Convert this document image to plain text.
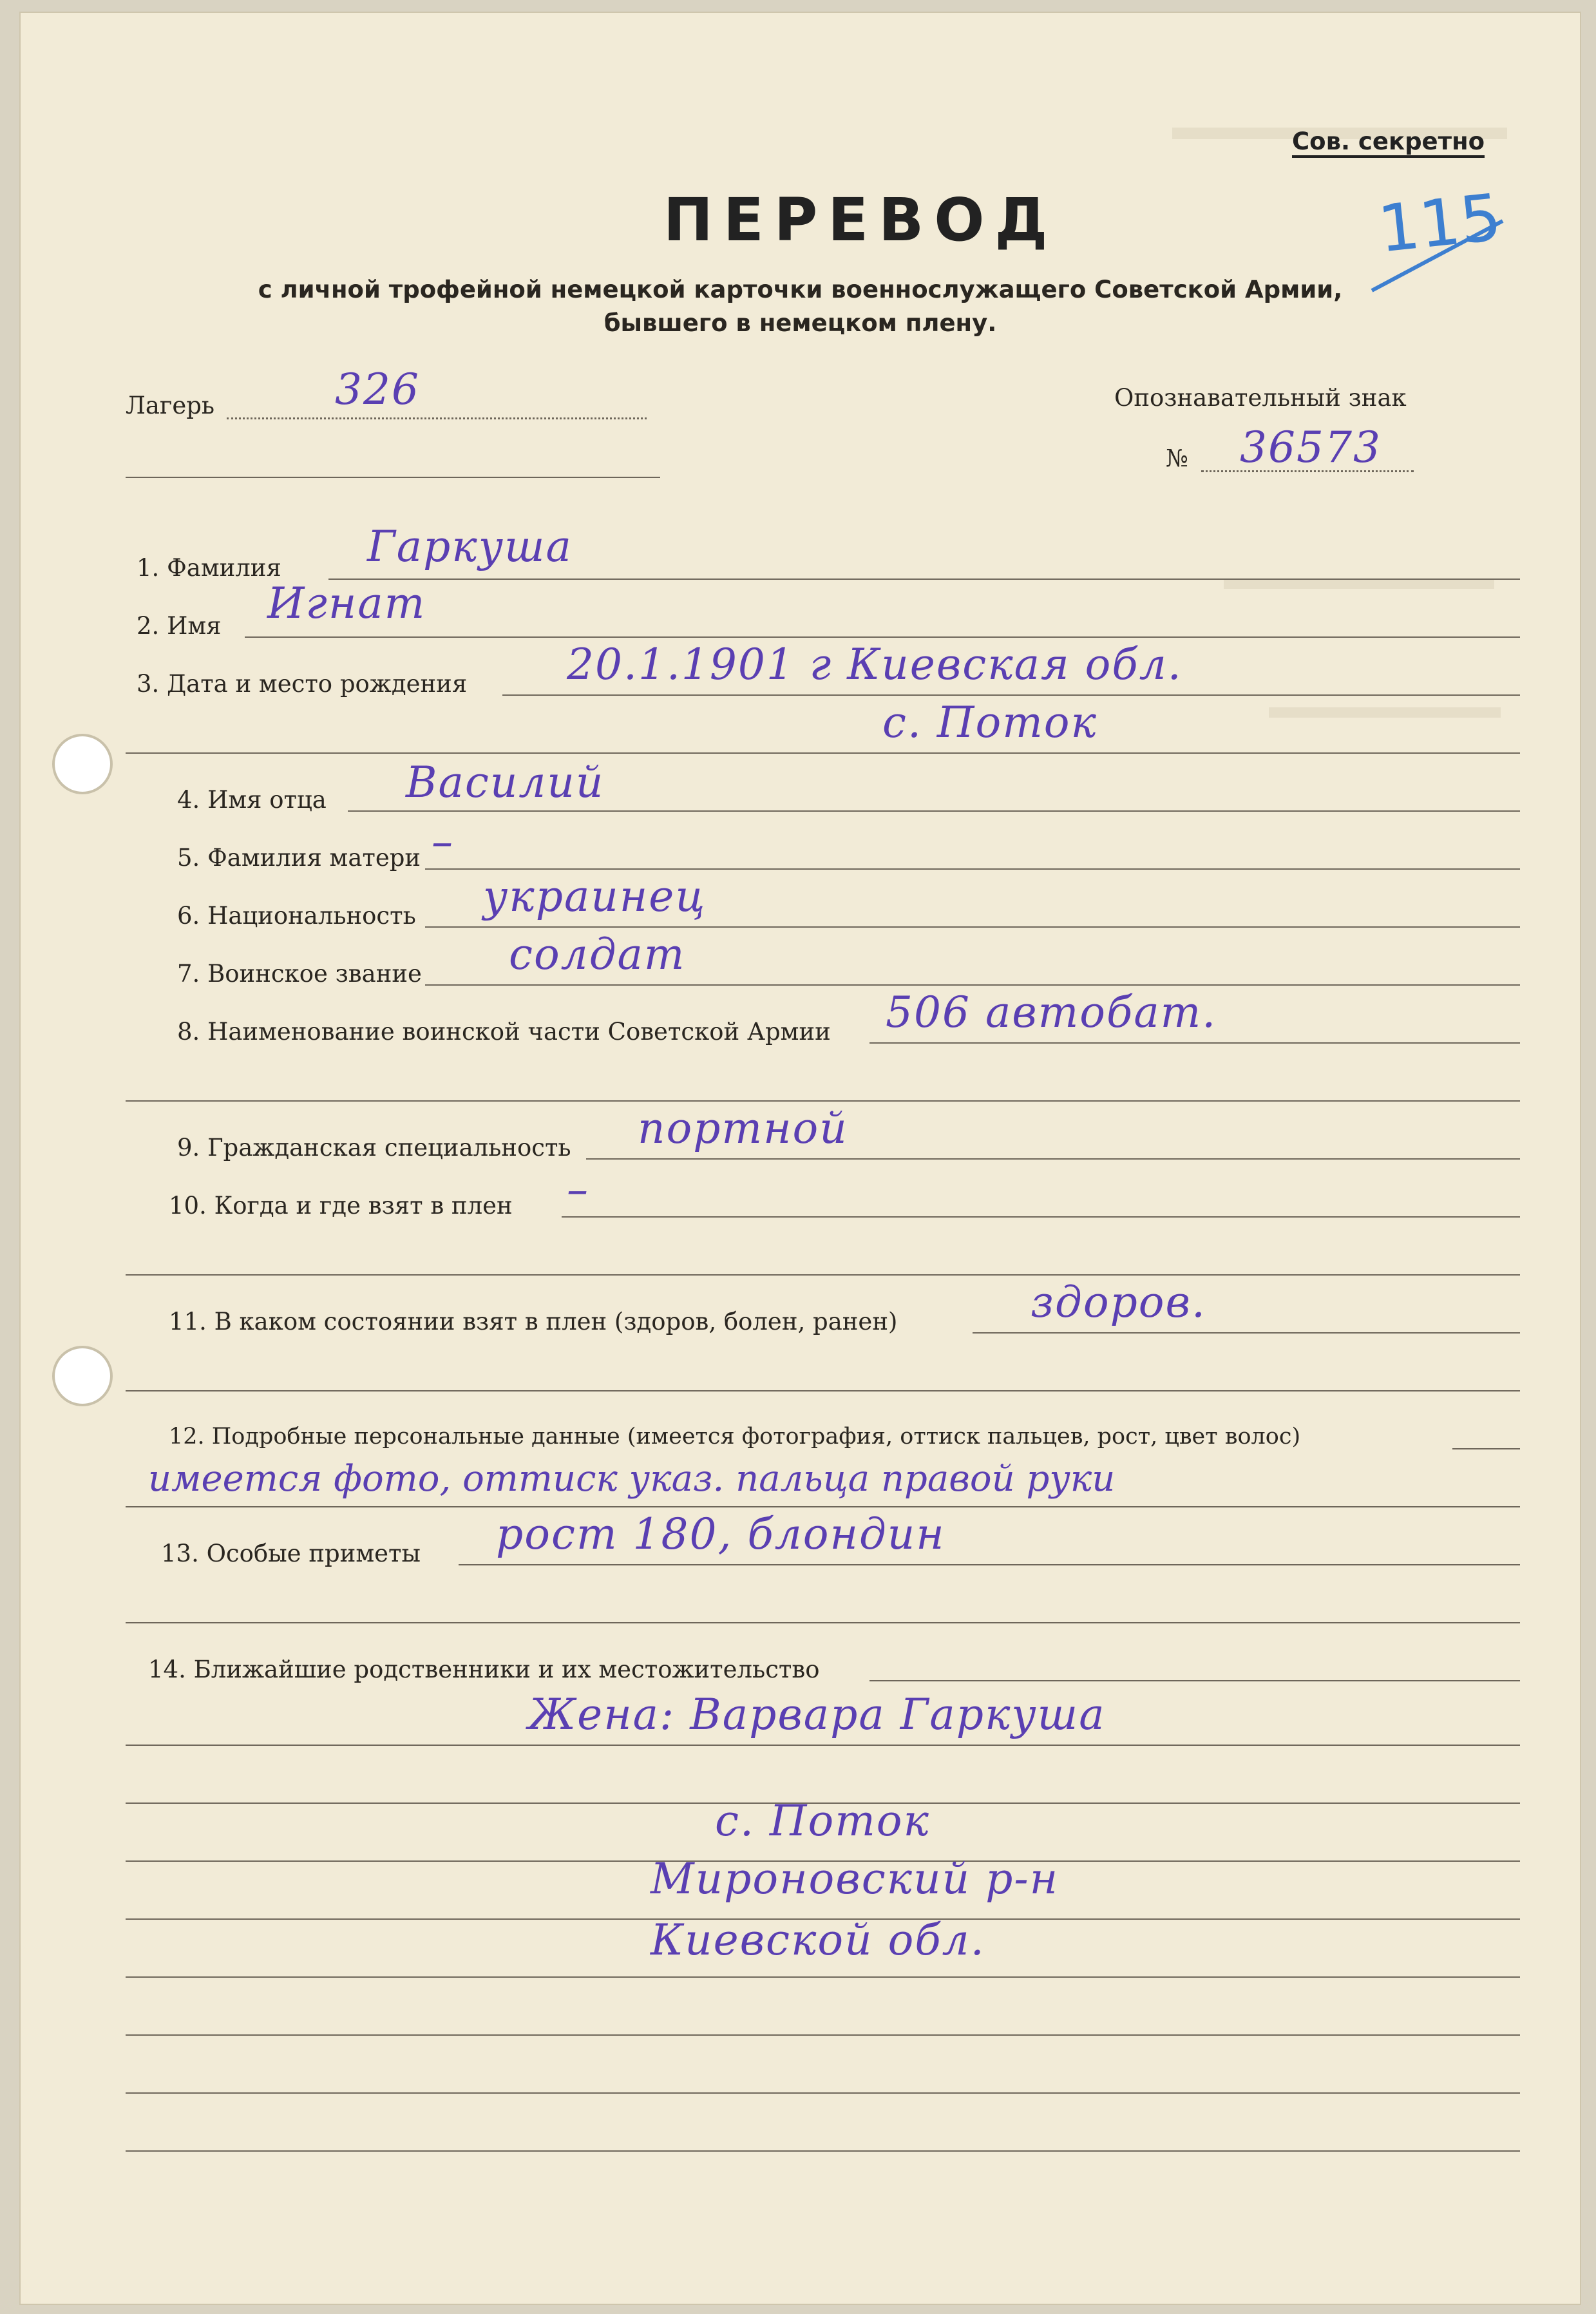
Сов. секретно
115
ПЕРЕВОД
с личной трофейной немецкой карточки военнослужащего Советской Армии,
бывшего в немецком плену.
Лагерь	326	Опознавательный знак
№ 36573
1. Фамилия Гаркуша
2. Имя Игнат
3. Дата и место рождения 20.1.1901 г Киевская обл.
с. Поток
4. Имя отца Василий
5. Фамилия матери –
6. Национальность украинец
7. Воинское звание солдат
8. Наименование воинской части Советской Армии 506 автобат.
9. Гражданская специальность портной
10. Когда и где взят в плен –
11. В каком состоянии взят в плен (здоров, болен, ранен)	здоров.
12. Подробные персональные данные (имеется фотография, оттиск пальцев, рост, цвет волос)
имеется фото, оттиск указ. пальца правой руки
13. Особые приметы рост 180, блондин
14. Ближайшие родственники и их местожительство
Жена: Варвара Гаркуша
с. Поток
Мироновский р-н
Киевской обл.
